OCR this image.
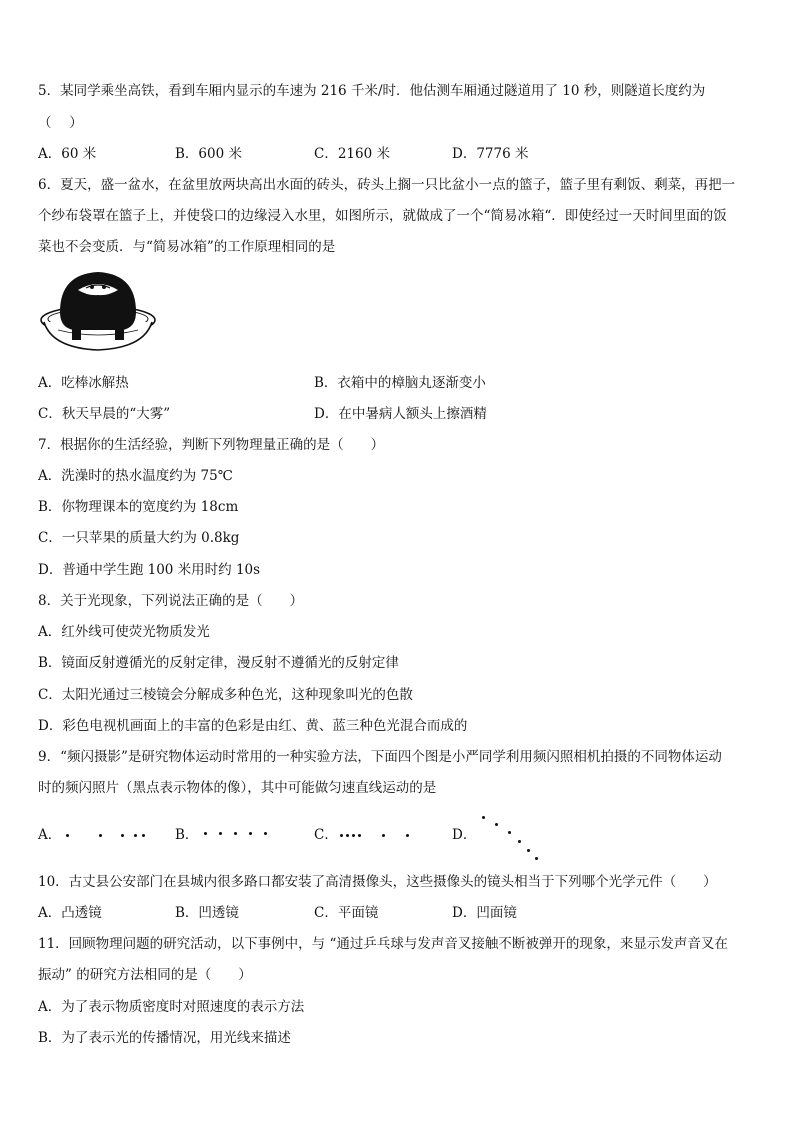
5．某同学乘坐高铁，看到车厢内显示的车速为 216 千米/时．他估测车厢通过隧道用了 10 秒，则隧道长度约为
（　 ）
A．60 米	B．600 米	C．2160 米	D．7776 米
6．夏天，盛一盆水，在盆里放两块高出水面的砖头，砖头上搁一只比盆小一点的篮子，篮子里有剩饭、剩菜，再把一
个纱布袋罩在篮子上，并使袋口的边缘浸入水里，如图所示，就做成了一个“简易冰箱“．即使经过一天时间里面的饭
菜也不会变质．与“简易冰箱”的工作原理相同的是
A．吃棒冰解热	B．衣箱中的樟脑丸逐渐变小
C．秋天早晨的“大雾”	D．在中暑病人额头上擦酒精
7．根据你的生活经验，判断下列物理量正确的是（　　）
A．洗澡时的热水温度约为 75℃
B．你物理课本的宽度约为 18cm
C．一只苹果的质量大约为 0.8kg
D．普通中学生跑 100 米用时约 10s
8．关于光现象，下列说法正确的是（　　）
A．红外线可使荧光物质发光
B．镜面反射遵循光的反射定律，漫反射不遵循光的反射定律
C．太阳光通过三棱镜会分解成多种色光，这种现象叫光的色散
D．彩色电视机画面上的丰富的色彩是由红、黄、蓝三种色光混合而成的
9．“频闪摄影”是研究物体运动时常用的一种实验方法，下面四个图是小严同学利用频闪照相机拍摄的不同物体运动
时的频闪照片（黑点表示物体的像），其中可能做匀速直线运动的是
A．	B．	C．	D．
10．古丈县公安部门在县城内很多路口都安装了高清摄像头，这些摄像头的镜头相当于下列哪个光学元件（　　）
A．凸透镜	B．凹透镜	C．平面镜	D．凹面镜
11．回顾物理问题的研究活动，以下事例中，与 “通过乒乓球与发声音叉接触不断被弹开的现象，来显示发声音叉在
振动” 的研究方法相同的是（　　）
A．为了表示物质密度时对照速度的表示方法
B．为了表示光的传播情况，用光线来描述
